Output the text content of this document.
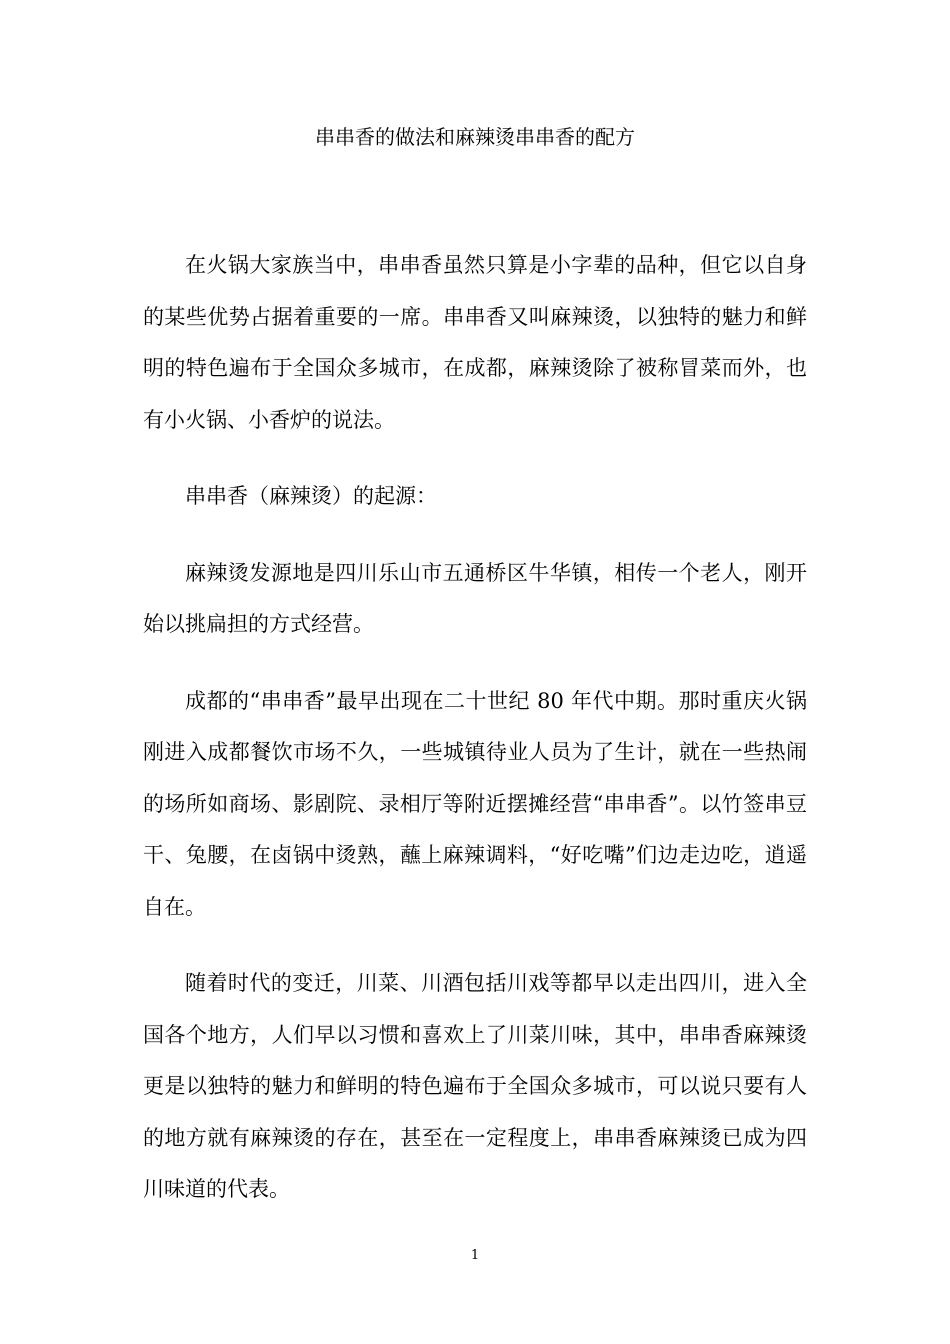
串串香的做法和麻辣烫串串香的配方

在火锅大家族当中，串串香虽然只算是小字辈的品种，但它以自身的某些优势占据着重要的一席。串串香又叫麻辣烫，以独特的魅力和鲜明的特色遍布于全国众多城市，在成都，麻辣烫除了被称冒菜而外，也有小火锅、小香炉的说法。

串串香（麻辣烫）的起源：

麻辣烫发源地是四川乐山市五通桥区牛华镇，相传一个老人，刚开始以挑扁担的方式经营。

成都的“串串香”最早出现在二十世纪 80 年代中期。那时重庆火锅刚进入成都餐饮市场不久，一些城镇待业人员为了生计，就在一些热闹的场所如商场、影剧院、录相厅等附近摆摊经营“串串香”。以竹签串豆干、兔腰，在卤锅中烫熟，蘸上麻辣调料，“好吃嘴”们边走边吃，逍遥自在。

随着时代的变迁，川菜、川酒包括川戏等都早以走出四川，进入全国各个地方，人们早以习惯和喜欢上了川菜川味，其中，串串香麻辣烫更是以独特的魅力和鲜明的特色遍布于全国众多城市，可以说只要有人的地方就有麻辣烫的存在，甚至在一定程度上，串串香麻辣烫已成为四川味道的代表。

1
